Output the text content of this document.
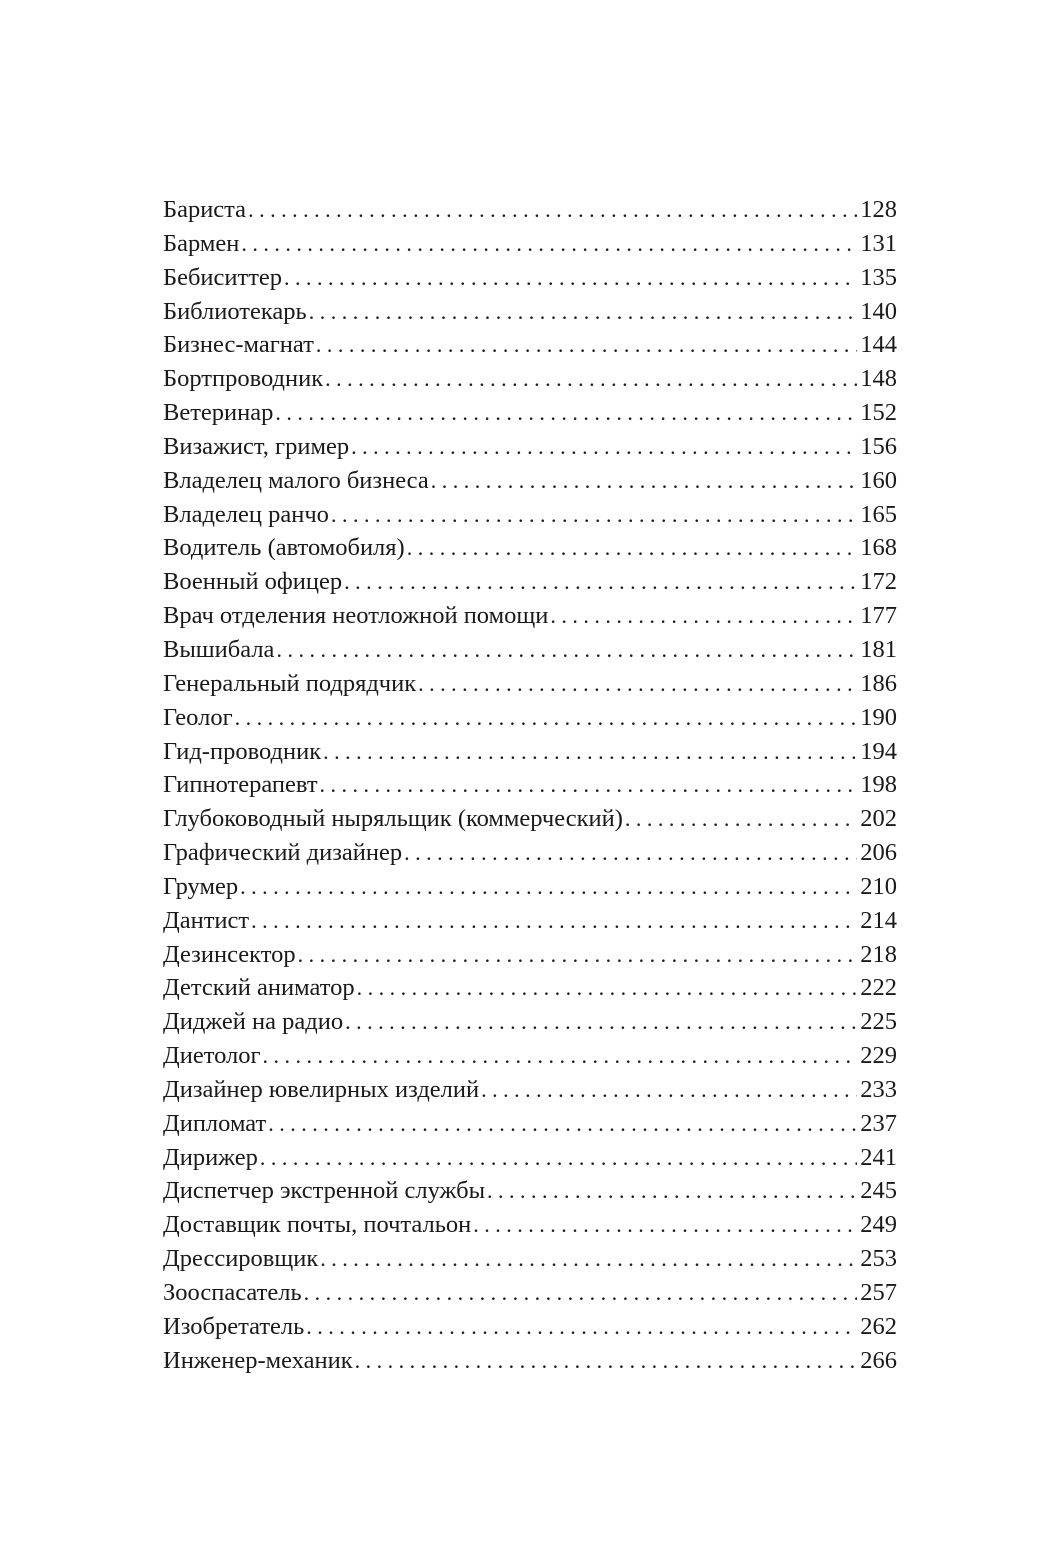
Бариста . . .	128
Бармен . . .	131
Бебиситтер . . .	135
Библиотекарь . . .	140
Бизнес-магнат . . .	144
Бортпроводник . . .	148
Ветеринар . . .	152
Визажист, гример . . .	156
Владелец малого бизнеса . . .	160
Владелец ранчо . . .	165
Водитель (автомобиля) . . .	168
Военный офицер . . .	172
Врач отделения неотложной помощи . . .	177
Вышибала . . .	181
Генеральный подрядчик . . .	186
Геолог . . .	190
Гид-проводник . . .	194
Гипнотерапевт . . .	198
Глубоководный ныряльщик (коммерческий) . . .	202
Графический дизайнер . . .	206
Грумер . . .	210
Дантист . . .	214
Дезинсектор . . .	218
Детский аниматор . . .	222
Диджей на радио . . .	225
Диетолог . . .	229
Дизайнер ювелирных изделий . . .	233
Дипломат . . .	237
Дирижер . . .	241
Диспетчер экстренной службы . . .	245
Доставщик почты, почтальон . . .	249
Дрессировщик . . .	253
Зооспасатель . . .	257
Изобретатель . . .	262
Инженер-механик . . .	266
